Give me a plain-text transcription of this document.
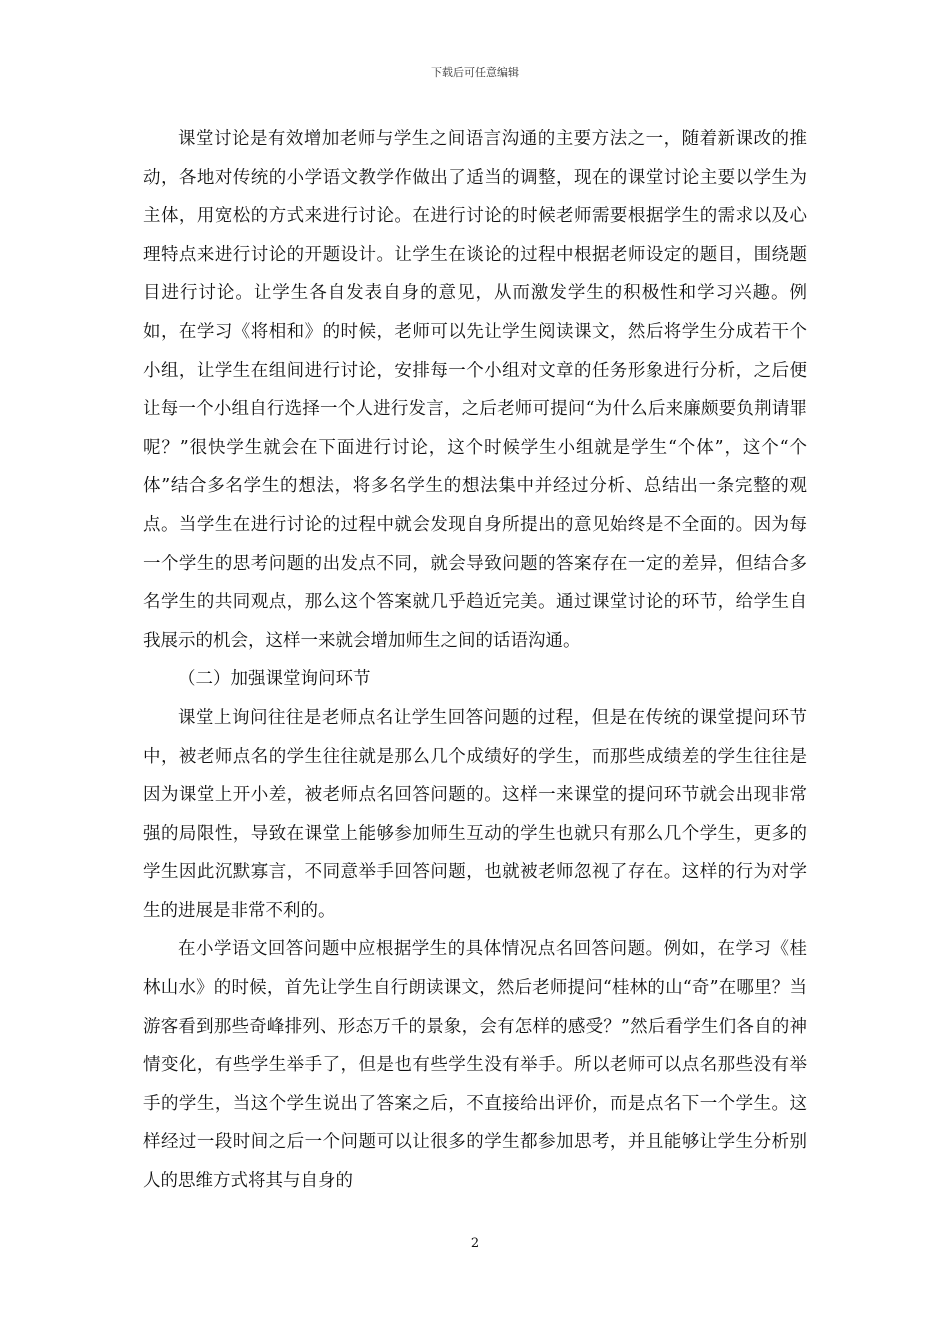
下载后可任意编辑

课堂讨论是有效增加老师与学生之间语言沟通的主要方法之一，随着新课改的推动，各地对传统的小学语文教学作做出了适当的调整，现在的课堂讨论主要以学生为主体，用宽松的方式来进行讨论。在进行讨论的时候老师需要根据学生的需求以及心理特点来进行讨论的开题设计。让学生在谈论的过程中根据老师设定的题目，围绕题目进行讨论。让学生各自发表自身的意见，从而激发学生的积极性和学习兴趣。例如，在学习《将相和》的时候，老师可以先让学生阅读课文，然后将学生分成若干个小组，让学生在组间进行讨论，安排每一个小组对文章的任务形象进行分析，之后便让每一个小组自行选择一个人进行发言，之后老师可提问“为什么后来廉颇要负荆请罪呢？”很快学生就会在下面进行讨论，这个时候学生小组就是学生“个体”，这个“个体”结合多名学生的想法，将多名学生的想法集中并经过分析、总结出一条完整的观点。当学生在进行讨论的过程中就会发现自身所提出的意见始终是不全面的。因为每一个学生的思考问题的出发点不同，就会导致问题的答案存在一定的差异，但结合多名学生的共同观点，那么这个答案就几乎趋近完美。通过课堂讨论的环节，给学生自我展示的机会，这样一来就会增加师生之间的话语沟通。

（二）加强课堂询问环节

课堂上询问往往是老师点名让学生回答问题的过程，但是在传统的课堂提问环节中，被老师点名的学生往往就是那么几个成绩好的学生，而那些成绩差的学生往往是因为课堂上开小差，被老师点名回答问题的。这样一来课堂的提问环节就会出现非常强的局限性，导致在课堂上能够参加师生互动的学生也就只有那么几个学生，更多的学生因此沉默寡言，不同意举手回答问题，也就被老师忽视了存在。这样的行为对学生的进展是非常不利的。

在小学语文回答问题中应根据学生的具体情况点名回答问题。例如，在学习《桂林山水》的时候，首先让学生自行朗读课文，然后老师提问“桂林的山“奇”在哪里？当游客看到那些奇峰排列、形态万千的景象，会有怎样的感受？”然后看学生们各自的神情变化，有些学生举手了，但是也有些学生没有举手。所以老师可以点名那些没有举手的学生，当这个学生说出了答案之后，不直接给出评价，而是点名下一个学生。这样经过一段时间之后一个问题可以让很多的学生都参加思考，并且能够让学生分析别人的思维方式将其与自身的

2
